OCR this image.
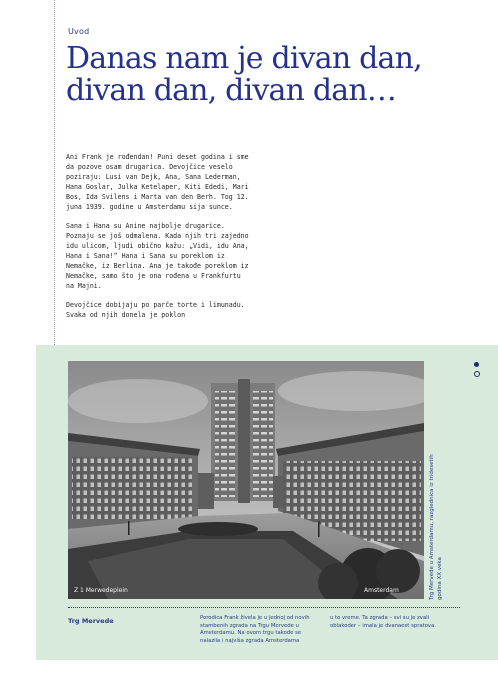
Uvod
Danas nam je divan dan, divan dan, divan dan…

Ani Frank je rođendan! Puni deset godina i sme da pozove osam drugarica. Devojčice veselo poziraju: Lusi van Dejk, Ana, Sana Lederman, Hana Goslar, Julka Ketelaper, Kiti Ededi, Mari Bos, Ida Svilens i Marta van den Berh. Tog 12. juna 1939. godine u Amsterdamu sija sunce.

Sana i Hana su Anine najbolje drugarice. Poznaju se još odmalena. Kada njih tri zajedno idu ulicom, ljudi obično kažu: „Vidi, idu Ana, Hana i Sana!“ Hana i Sana su poreklom iz Nemačke, iz Berlina. Ana je takođe poreklom iz Nemačke, samo što je ona rođena u Frankfurtu na Majni.

Devojčice dobijaju po parče torte i limunadu. Svaka od njih donela je poklon

Z 1 Merwedeplein	Amsterdam	Trg Mervede u Amsterdamu, razglednica iz tridesetih godina XX veka
Trg Mervede	Porodica Frank živela je u jednoj od novih stambenih zgrada na Trgu Mervede u Amsterdamu. Na ovom trgu takođe se nalazila i najviša zgrada Amsterdama
u to vreme. Ta zgrada – svi su je zvali oblakoder – imala je dvanaest spratova.
